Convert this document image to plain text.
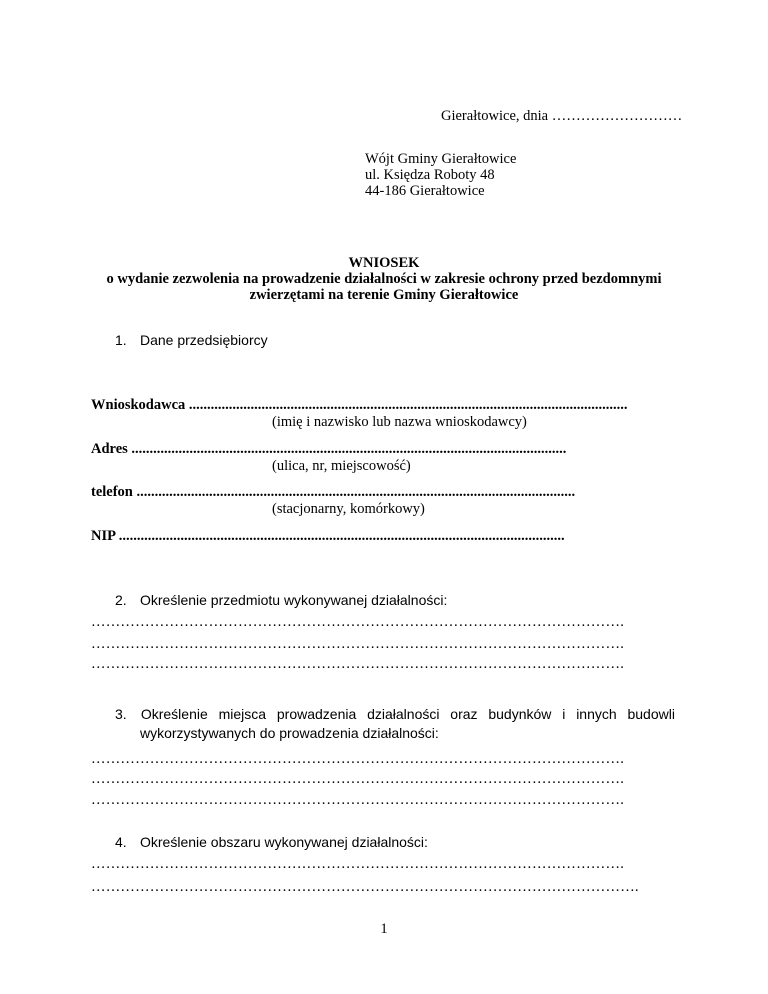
Gierałtowice, dnia ………………………
Wójt Gminy Gierałtowice
ul. Księdza Roboty 48
44-186 Gierałtowice
WNIOSEK
o wydanie zezwolenia na prowadzenie działalności w zakresie ochrony przed bezdomnymi
zwierzętami na terenie Gminy Gierałtowice
1. Dane przedsiębiorcy
Wnioskodawca .........................................................................................................................
(imię i nazwisko lub nazwa wnioskodawcy)
Adres ........................................................................................................................
(ulica, nr, miejscowość)
telefon .........................................................................................................................
(stacjonarny, komórkowy)
NIP ...........................................................................................................................
2. Określenie przedmiotu wykonywanej działalności:
……………………………………………………………………………………………….
……………………………………………………………………………………………….
……………………………………………………………………………………………….
3.	Określenie miejsca prowadzenia działalności oraz budynków i innych budowli
wykorzystywanych do prowadzenia działalności:
……………………………………………………………………………………………….
……………………………………………………………………………………………….
……………………………………………………………………………………………….
4. Określenie obszaru wykonywanej działalności:
……………………………………………………………………………………………….
………………………………………………………………………………………………….
1
